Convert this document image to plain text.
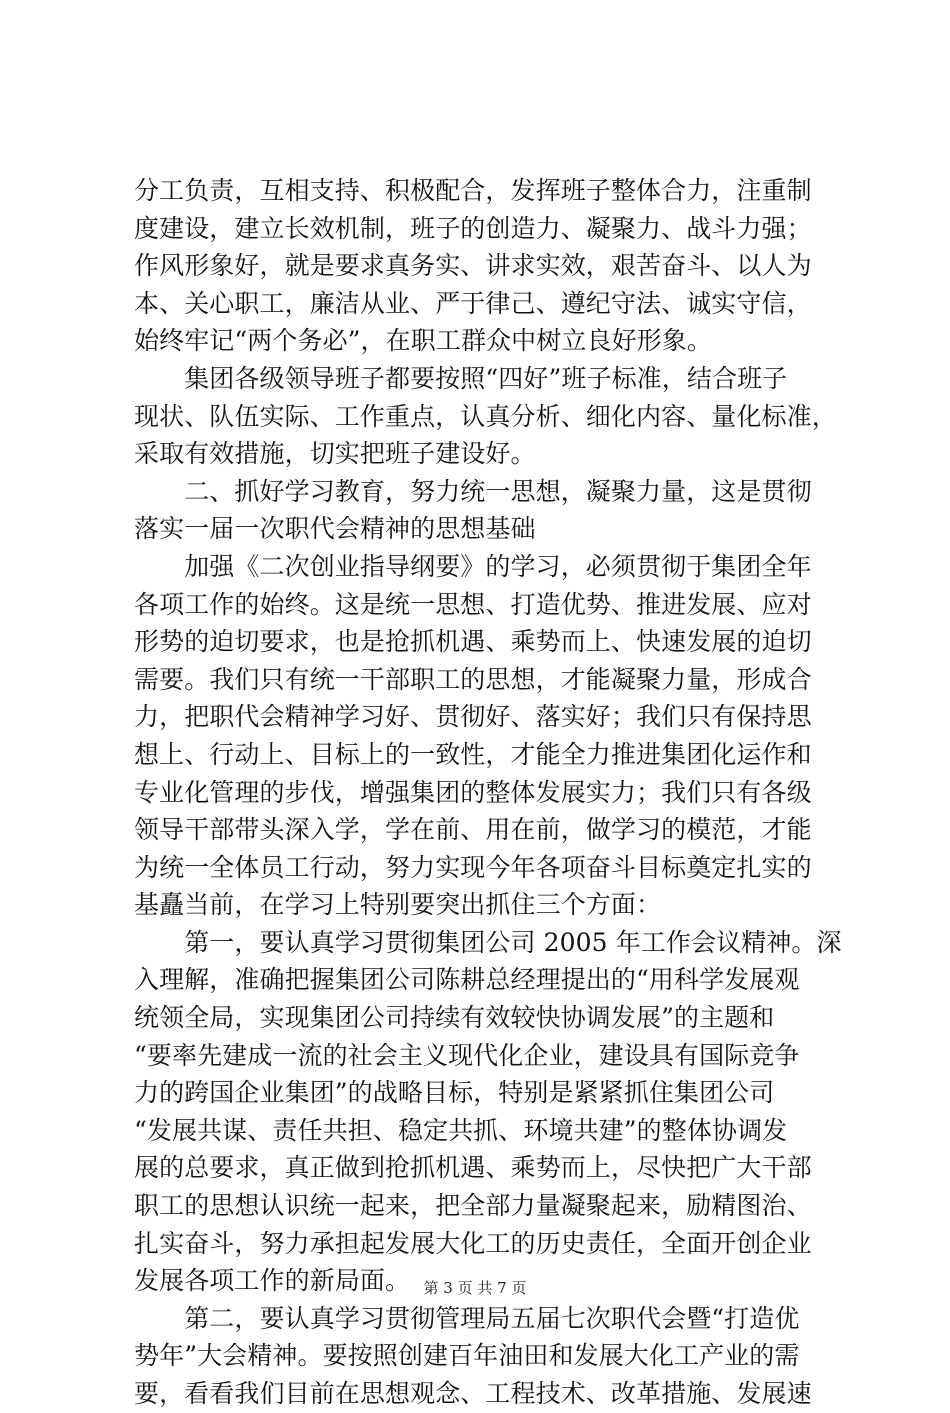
分工负责，互相支持、积极配合，发挥班子整体合力，注重制
度建设，建立长效机制，班子的创造力、凝聚力、战斗力强；
作风形象好，就是要求真务实、讲求实效，艰苦奋斗、以人为
本、关心职工，廉洁从业、严于律己、遵纪守法、诚实守信，
始终牢记“两个务必”，在职工群众中树立良好形象。
　　集团各级领导班子都要按照“四好”班子标准，结合班子
现状、队伍实际、工作重点，认真分析、细化内容、量化标准，
采取有效措施，切实把班子建设好。
　　二、抓好学习教育，努力统一思想，凝聚力量，这是贯彻
落实一届一次职代会精神的思想基础
　　加强《二次创业指导纲要》的学习，必须贯彻于集团全年
各项工作的始终。这是统一思想、打造优势、推进发展、应对
形势的迫切要求，也是抢抓机遇、乘势而上、快速发展的迫切
需要。我们只有统一干部职工的思想，才能凝聚力量，形成合
力，把职代会精神学习好、贯彻好、落实好；我们只有保持思
想上、行动上、目标上的一致性，才能全力推进集团化运作和
专业化管理的步伐，增强集团的整体发展实力；我们只有各级
领导干部带头深入学，学在前、用在前，做学习的模范，才能
为统一全体员工行动，努力实现今年各项奋斗目标奠定扎实的
基矗当前，在学习上特别要突出抓住三个方面：
　　第一，要认真学习贯彻集团公司 2005 年工作会议精神。深
入理解，准确把握集团公司陈耕总经理提出的“用科学发展观
统领全局，实现集团公司持续有效较快协调发展”的主题和
“要率先建成一流的社会主义现代化企业，建设具有国际竞争
力的跨国企业集团”的战略目标，特别是紧紧抓住集团公司
“发展共谋、责任共担、稳定共抓、环境共建”的整体协调发
展的总要求，真正做到抢抓机遇、乘势而上，尽快把广大干部
职工的思想认识统一起来，把全部力量凝聚起来，励精图治、
扎实奋斗，努力承担起发展大化工的历史责任，全面开创企业
发展各项工作的新局面。
　　第二，要认真学习贯彻管理局五届七次职代会暨“打造优
势年”大会精神。要按照创建百年油田和发展大化工产业的需
要，看看我们目前在思想观念、工程技术、改革措施、发展速
第 3 页 共 7 页
